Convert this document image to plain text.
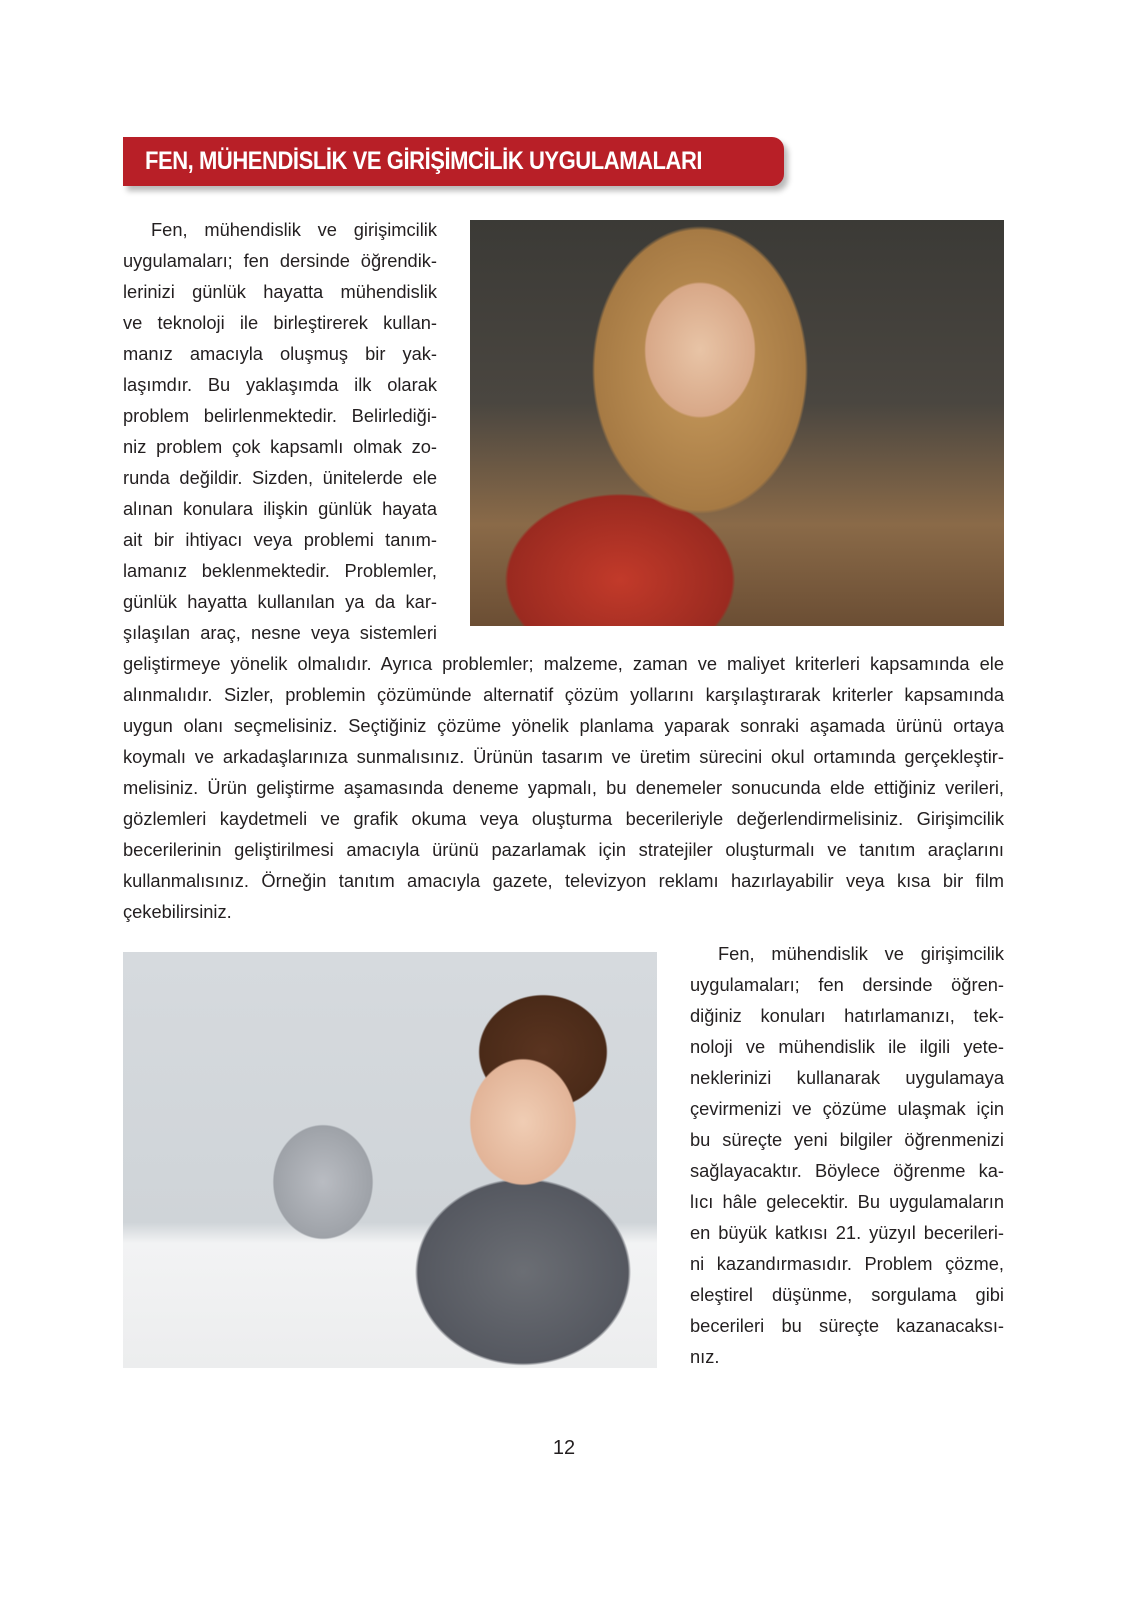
FEN, MÜHENDİSLİK VE GİRİŞİMCİLİK UYGULAMALARI
Fen, mühendislik ve girişimcilik
uygulamaları; fen dersinde öğrendik-
lerinizi günlük hayatta mühendislik
ve teknoloji ile birleştirerek kullan-
manız amacıyla oluşmuş bir yak-
laşımdır. Bu yaklaşımda ilk olarak
problem belirlenmektedir. Belirlediği-
niz problem çok kapsamlı olmak zo-
runda değildir. Sizden, ünitelerde ele
alınan konulara ilişkin günlük hayata
ait bir ihtiyacı veya problemi tanım-
lamanız beklenmektedir. Problemler,
günlük hayatta kullanılan ya da kar-
şılaşılan araç, nesne veya sistemleri
geliştirmeye yönelik olmalıdır. Ayrıca problemler; malzeme, zaman ve maliyet kriterleri kapsamında ele
alınmalıdır. Sizler, problemin çözümünde alternatif çözüm yollarını karşılaştırarak kriterler kapsamında
uygun olanı seçmelisiniz. Seçtiğiniz çözüme yönelik planlama yaparak sonraki aşamada ürünü ortaya
koymalı ve arkadaşlarınıza sunmalısınız. Ürünün tasarım ve üretim sürecini okul ortamında gerçekleştir-
melisiniz. Ürün geliştirme aşamasında deneme yapmalı, bu denemeler sonucunda elde ettiğiniz verileri,
gözlemleri kaydetmeli ve grafik okuma veya oluşturma becerileriyle değerlendirmelisiniz. Girişimcilik
becerilerinin geliştirilmesi amacıyla ürünü pazarlamak için stratejiler oluşturmalı ve tanıtım araçlarını
kullanmalısınız. Örneğin tanıtım amacıyla gazete, televizyon reklamı hazırlayabilir veya kısa bir film
çekebilirsiniz.
Fen, mühendislik ve girişimcilik
uygulamaları; fen dersinde öğren-
diğiniz konuları hatırlamanızı, tek-
noloji ve mühendislik ile ilgili yete-
neklerinizi kullanarak uygulamaya
çevirmenizi ve çözüme ulaşmak için
bu süreçte yeni bilgiler öğrenmenizi
sağlayacaktır. Böylece öğrenme ka-
lıcı hâle gelecektir. Bu uygulamaların
en büyük katkısı 21. yüzyıl becerileri-
ni kazandırmasıdır. Problem çözme,
eleştirel düşünme, sorgulama gibi
becerileri bu süreçte kazanacaksı-
nız.
12
